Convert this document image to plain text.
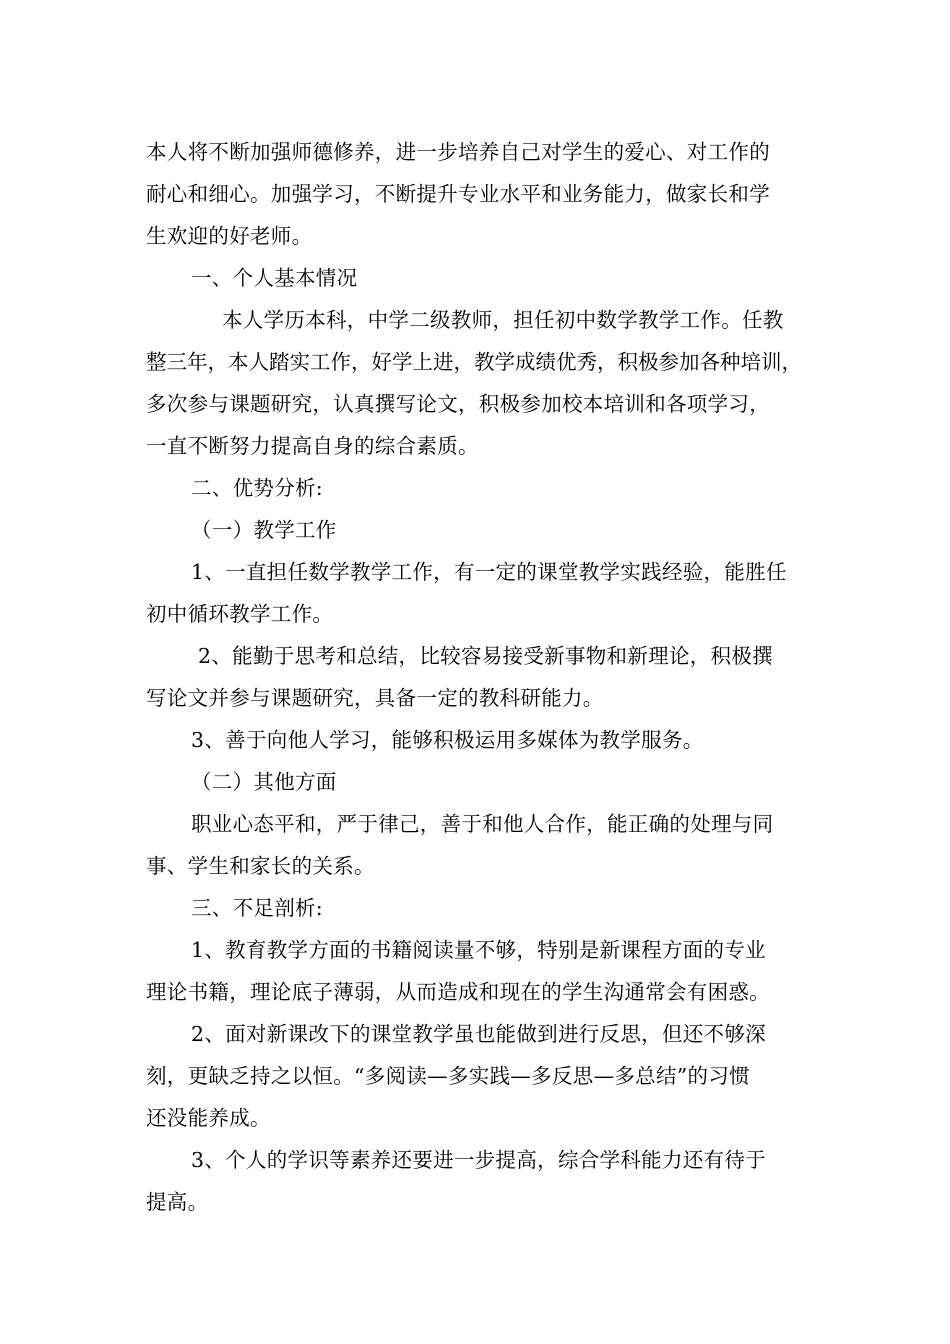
本人将不断加强师德修养，进一步培养自己对学生的爱心、对工作的
耐心和细心。加强学习，不断提升专业水平和业务能力，做家长和学
生欢迎的好老师。
一、个人基本情况
本人学历本科，中学二级教师，担任初中数学教学工作。任教
整三年，本人踏实工作，好学上进，教学成绩优秀，积极参加各种培训，
多次参与课题研究，认真撰写论文，积极参加校本培训和各项学习，
一直不断努力提高自身的综合素质。
二、优势分析:
（一）教学工作
1、一直担任数学教学工作，有一定的课堂教学实践经验，能胜任
初中循环教学工作。
2、能勤于思考和总结，比较容易接受新事物和新理论，积极撰
写论文并参与课题研究，具备一定的教科研能力。
3、善于向他人学习，能够积极运用多媒体为教学服务。
（二）其他方面
职业心态平和，严于律己，善于和他人合作，能正确的处理与同
事、学生和家长的关系。
三、不足剖析:
1、教育教学方面的书籍阅读量不够，特别是新课程方面的专业
理论书籍，理论底子薄弱，从而造成和现在的学生沟通常会有困惑。
2、面对新课改下的课堂教学虽也能做到进行反思，但还不够深
刻，更缺乏持之以恒。“多阅读—多实践—多反思—多总结”的习惯
还没能养成。
3、个人的学识等素养还要进一步提高，综合学科能力还有待于
提高。
